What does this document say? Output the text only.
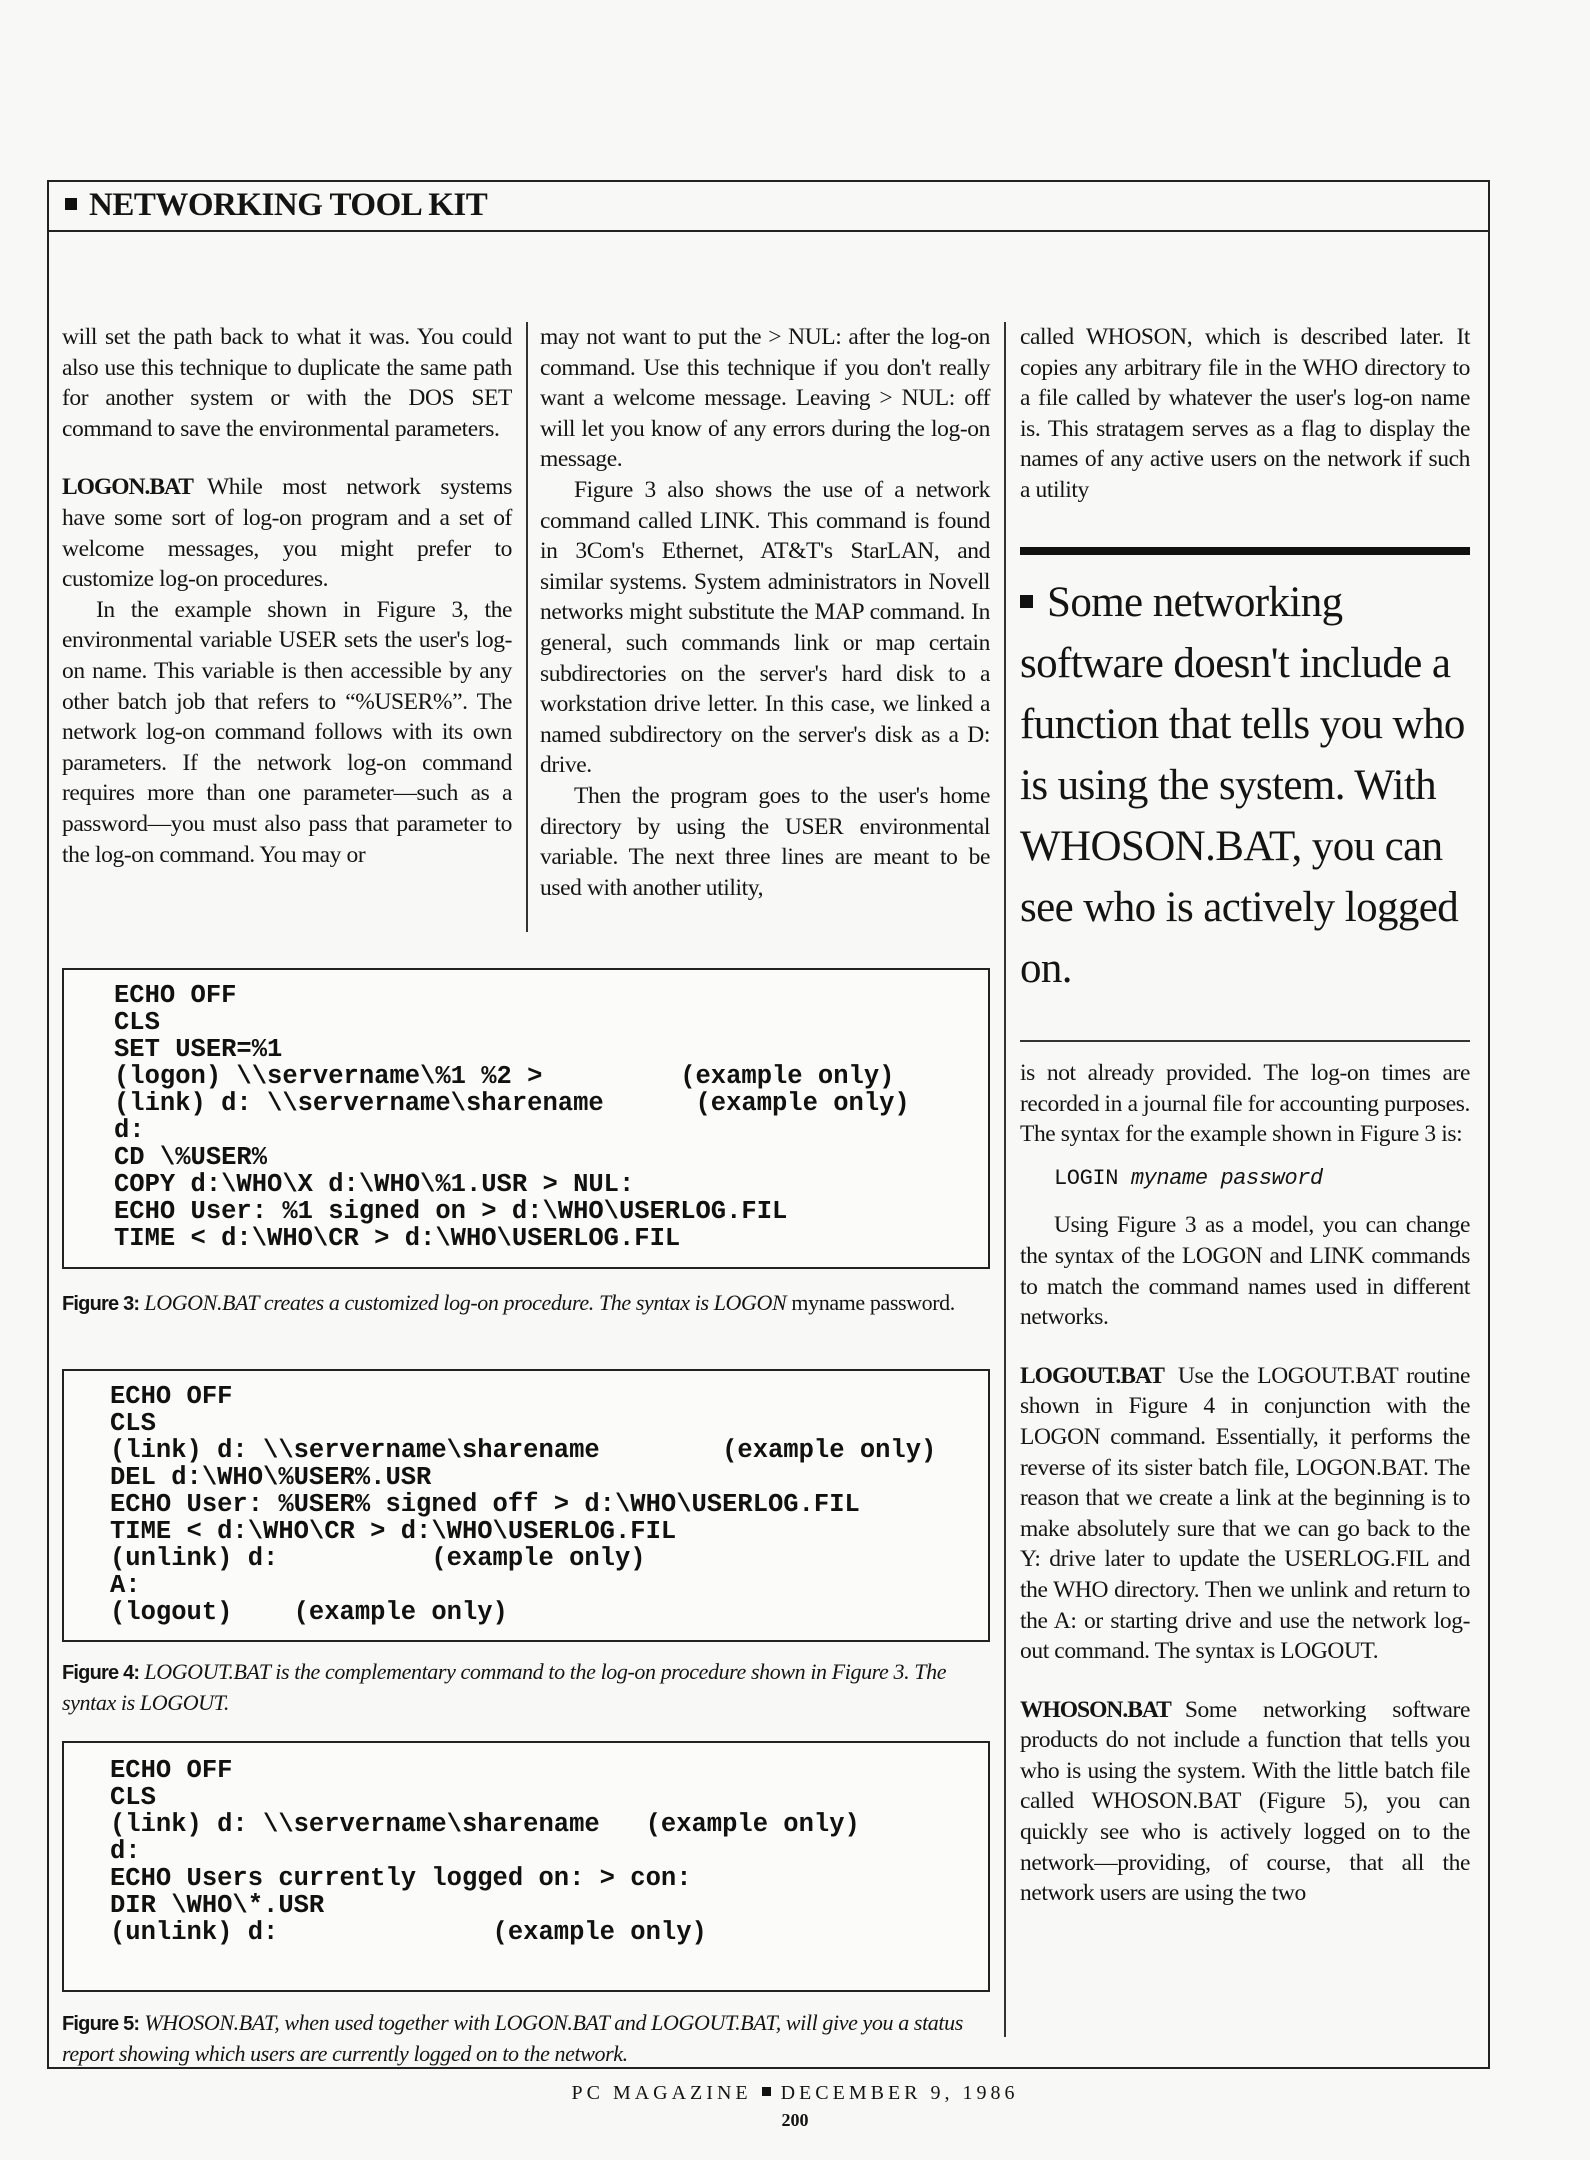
NETWORKING TOOL KIT

will set the path back to what it was. You could also use this technique to duplicate the same path for another system or with the DOS SET command to save the environmental parameters.

LOGON.BAT While most network systems have some sort of log-on program and a set of welcome messages, you might prefer to customize log-on procedures.

In the example shown in Figure 3, the environmental variable USER sets the user's log-on name. This variable is then accessible by any other batch job that refers to “%USER%”. The network log-on command follows with its own parameters. If the network log-on command requires more than one parameter—such as a password—you must also pass that parameter to the log-on command. You may or

may not want to put the > NUL: after the log-on command. Use this technique if you don't really want a welcome message. Leaving > NUL: off will let you know of any errors during the log-on message.

Figure 3 also shows the use of a network command called LINK. This command is found in 3Com's Ethernet, AT&T's StarLAN, and similar systems. System administrators in Novell networks might substitute the MAP command. In general, such commands link or map certain subdirectories on the server's hard disk to a workstation drive letter. In this case, we linked a named subdirectory on the server's disk as a D: drive.

Then the program goes to the user's home directory by using the USER environmental variable. The next three lines are meant to be used with another utility,

called WHOSON, which is described later. It copies any arbitrary file in the WHO directory to a file called by whatever the user's log-on name is. This stratagem serves as a flag to display the names of any active users on the network if such a utility

Some networking software doesn't include a function that tells you who is using the system. With WHOSON.BAT, you can see who is actively logged on.

is not already provided. The log-on times are recorded in a journal file for accounting purposes. The syntax for the example shown in Figure 3 is:

LOGIN myname password

Using Figure 3 as a model, you can change the syntax of the LOGON and LINK commands to match the command names used in different networks.

LOGOUT.BAT Use the LOGOUT.BAT routine shown in Figure 4 in conjunction with the LOGON command. Essentially, it performs the reverse of its sister batch file, LOGON.BAT. The reason that we create a link at the beginning is to make absolutely sure that we can go back to the Y: drive later to update the USERLOG.FIL and the WHO directory. Then we unlink and return to the A: or starting drive and use the network log-out command. The syntax is LOGOUT.

WHOSON.BAT Some networking software products do not include a function that tells you who is using the system. With the little batch file called WHOSON.BAT (Figure 5), you can quickly see who is actively logged on to the network—providing, of course, that all the network users are using the two

ECHO OFF
CLS
SET USER=%1
(logon) \\servername\%1 %2 >         (example only)
(link) d: \\servername\sharename      (example only)
d:
CD \%USER%
COPY d:\WHO\X d:\WHO\%1.USR > NUL:
ECHO User: %1 signed on > d:\WHO\USERLOG.FIL
TIME < d:\WHO\CR > d:\WHO\USERLOG.FIL
Figure 3: LOGON.BAT creates a customized log-on procedure. The syntax is LOGON myname password.
ECHO OFF
CLS
(link) d: \\servername\sharename        (example only)
DEL d:\WHO\%USER%.USR
ECHO User: %USER% signed off > d:\WHO\USERLOG.FIL
TIME < d:\WHO\CR > d:\WHO\USERLOG.FIL
(unlink) d:          (example only)
A:
(logout)    (example only)
Figure 4: LOGOUT.BAT is the complementary command to the log-on procedure shown in Figure 3. The syntax is LOGOUT.
ECHO OFF
CLS
(link) d: \\servername\sharename   (example only)
d:
ECHO Users currently logged on: > con:
DIR \WHO\*.USR
(unlink) d:              (example only)
Figure 5: WHOSON.BAT, when used together with LOGON.BAT and LOGOUT.BAT, will give you a status report showing which users are currently logged on to the network.
PC MAGAZINE DECEMBER 9, 1986
200
